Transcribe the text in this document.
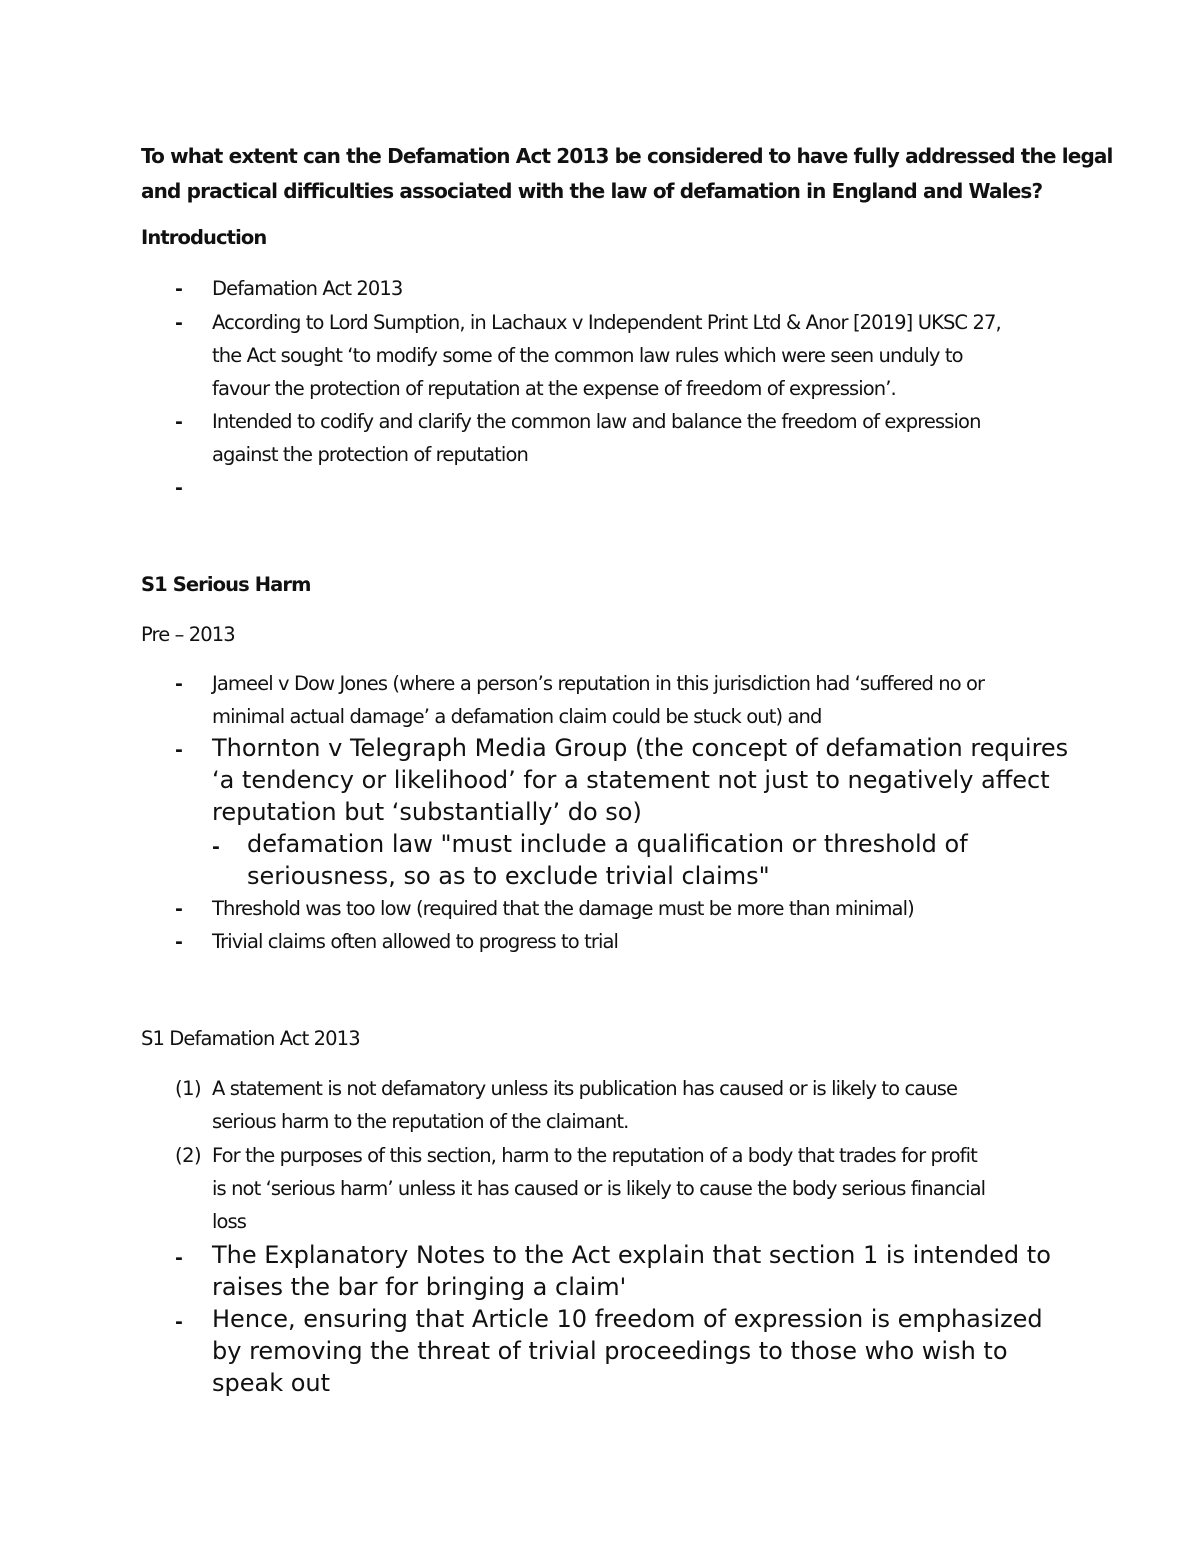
To what extent can the Defamation Act 2013 be considered to have fully addressed the legal
and practical difficulties associated with the law of defamation in England and Wales?
Introduction
- Defamation Act 2013
- According to Lord Sumption, in Lachaux v Independent Print Ltd & Anor [2019] UKSC 27,
the Act sought ‘to modify some of the common law rules which were seen unduly to
favour the protection of reputation at the expense of freedom of expression’.
- Intended to codify and clarify the common law and balance the freedom of expression
against the protection of reputation
-
S1 Serious Harm
Pre – 2013
- Jameel v Dow Jones (where a person’s reputation in this jurisdiction had ‘suffered no or
minimal actual damage’ a defamation claim could be stuck out) and
- Thornton v Telegraph Media Group (the concept of defamation requires
‘a tendency or likelihood’ for a statement not just to negatively affect
reputation but ‘substantially’ do so)
- defamation law "must include a qualification or threshold of
seriousness, so as to exclude trivial claims"
- Threshold was too low (required that the damage must be more than minimal)
- Trivial claims often allowed to progress to trial
S1 Defamation Act 2013
(1) A statement is not defamatory unless its publication has caused or is likely to cause
serious harm to the reputation of the claimant.
(2) For the purposes of this section, harm to the reputation of a body that trades for profit
is not ‘serious harm’ unless it has caused or is likely to cause the body serious financial
loss
- The Explanatory Notes to the Act explain that section 1 is intended to
raises the bar for bringing a claim'
- Hence, ensuring that Article 10 freedom of expression is emphasized
by removing the threat of trivial proceedings to those who wish to
speak out
